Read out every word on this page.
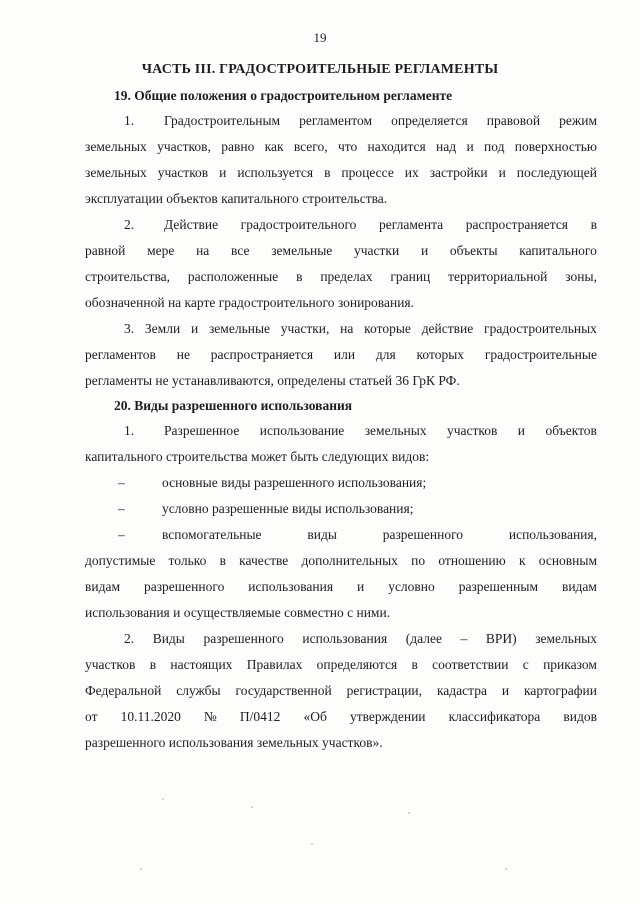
19
ЧАСТЬ III. ГРАДОСТРОИТЕЛЬНЫЕ РЕГЛАМЕНТЫ
19. Общие положения о градостроительном регламенте
1. Градостроительным регламентом определяется правовой режим
земельных участков, равно как всего, что находится над и под поверхностью
земельных участков и используется в процессе их застройки и последующей
эксплуатации объектов капитального строительства.
2. Действие градостроительного регламента распространяется в
равной мере на все земельные участки и объекты капитального
строительства, расположенные в пределах границ территориальной зоны,
обозначенной на карте градостроительного зонирования.
3. Земли и земельные участки, на которые действие градостроительных
регламентов не распространяется или для которых градостроительные
регламенты не устанавливаются, определены статьей 36 ГрК РФ.
20. Виды разрешенного использования
1. Разрешенное использование земельных участков и объектов
капитального строительства может быть следующих видов:
–	основные виды разрешенного использования;
–	условно разрешенные виды использования;
–	вспомогательные	виды	разрешенного	использования,
допустимые только в качестве дополнительных по отношению к основным
видам разрешенного использования и условно разрешенным видам
использования и осуществляемые совместно с ними.
2. Виды разрешенного использования (далее – ВРИ) земельных
участков в настоящих Правилах определяются в соответствии с приказом
Федеральной службы государственной регистрации, кадастра и картографии
от 10.11.2020 № П/0412 «Об утверждении классификатора видов
разрешенного использования земельных участков».
